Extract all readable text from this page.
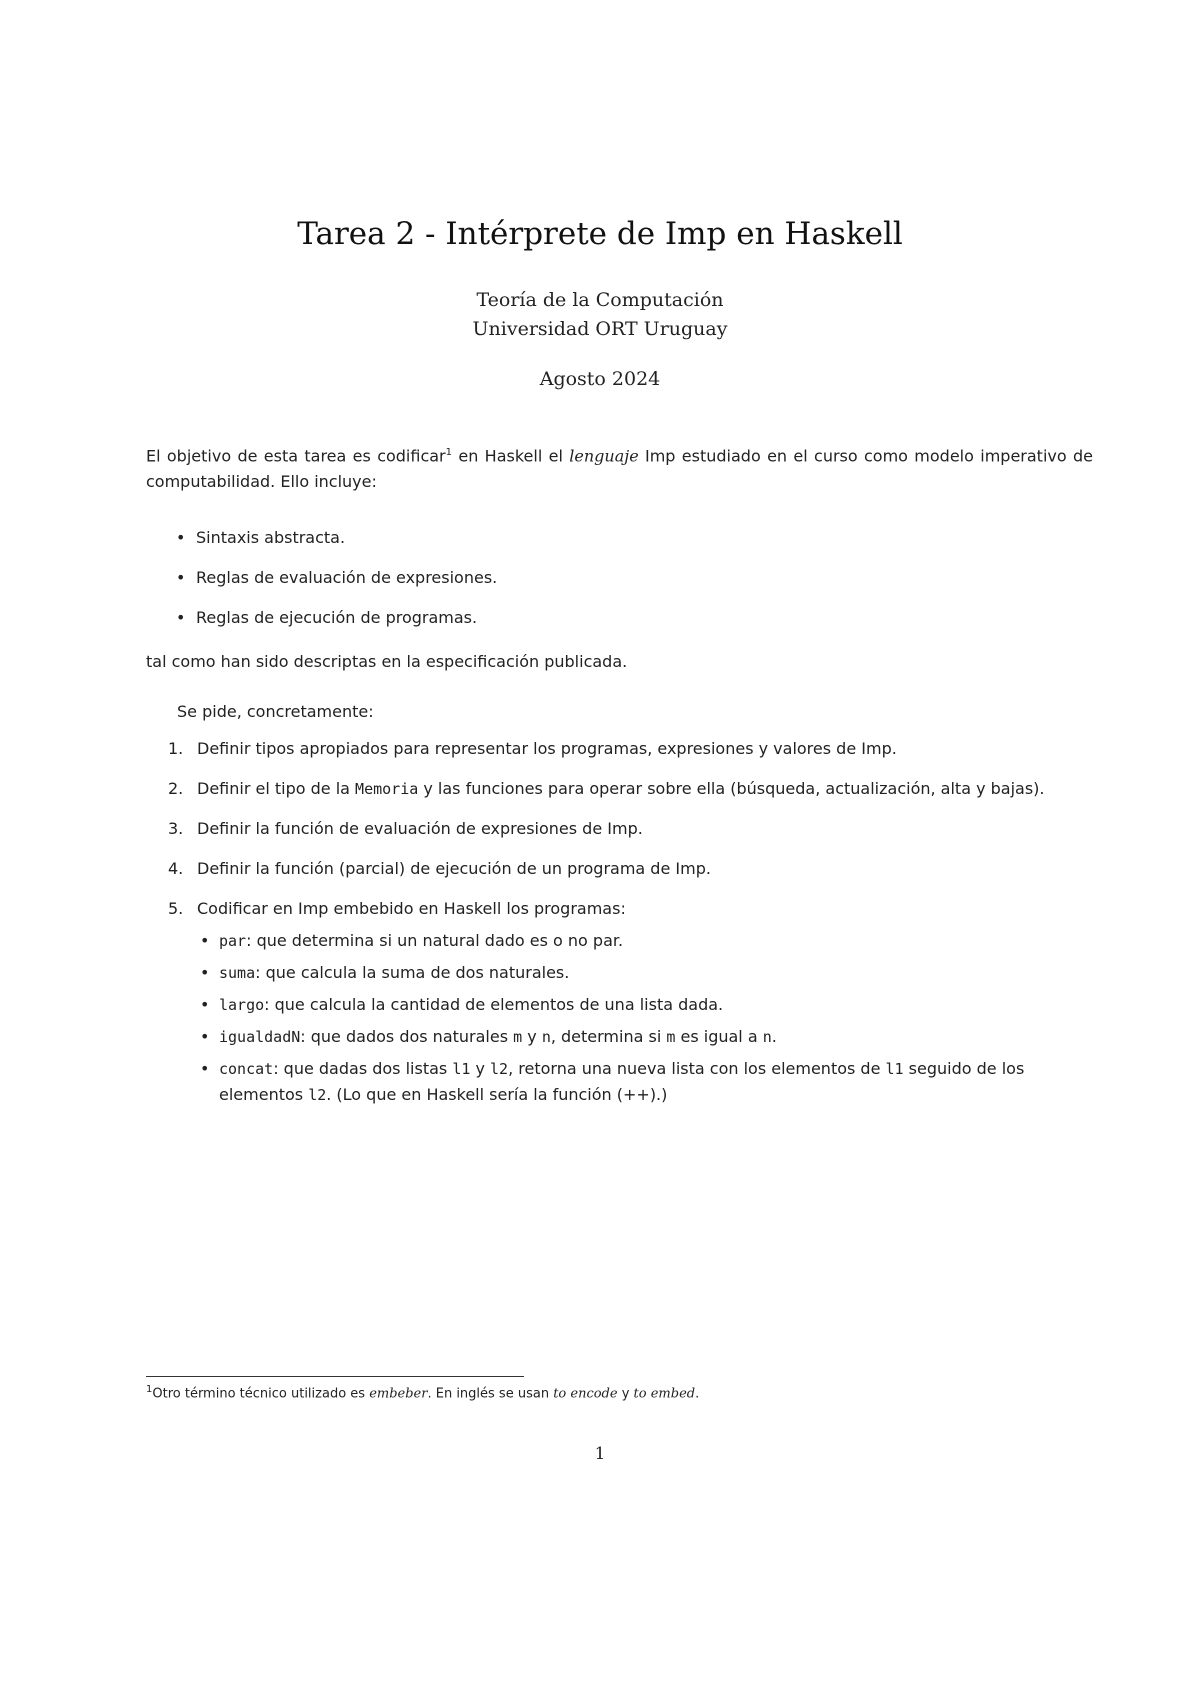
Tarea 2 - Intérprete de Imp en Haskell
Teoría de la Computación
Universidad ORT Uruguay
Agosto 2024
El objetivo de esta tarea es codificar$^1$ en Haskell el lenguaje Imp estudiado en el curso como modelo imperativo de computabilidad. Ello incluye:
• Sintaxis abstracta.
• Reglas de evaluación de expresiones.
• Reglas de ejecución de programas.
tal como han sido descriptas en la especificación publicada.
Se pide, concretamente:
1. Definir tipos apropiados para representar los programas, expresiones y valores de Imp.
2. Definir el tipo de la Memoria y las funciones para operar sobre ella (búsqueda, actualización, alta y bajas).
3. Definir la función de evaluación de expresiones de Imp.
4. Definir la función (parcial) de ejecución de un programa de Imp.
5. Codificar en Imp embebido en Haskell los programas:
• par: que determina si un natural dado es o no par.
• suma: que calcula la suma de dos naturales.
• largo: que calcula la cantidad de elementos de una lista dada.
• igualdadN: que dados dos naturales m y n, determina si m es igual a n.
• concat: que dadas dos listas l1 y l2, retorna una nueva lista con los elementos de l1 seguido de los elementos l2. (Lo que en Haskell sería la función (++).)
$^1$Otro término técnico utilizado es embeber. En inglés se usan to encode y to embed.
1
